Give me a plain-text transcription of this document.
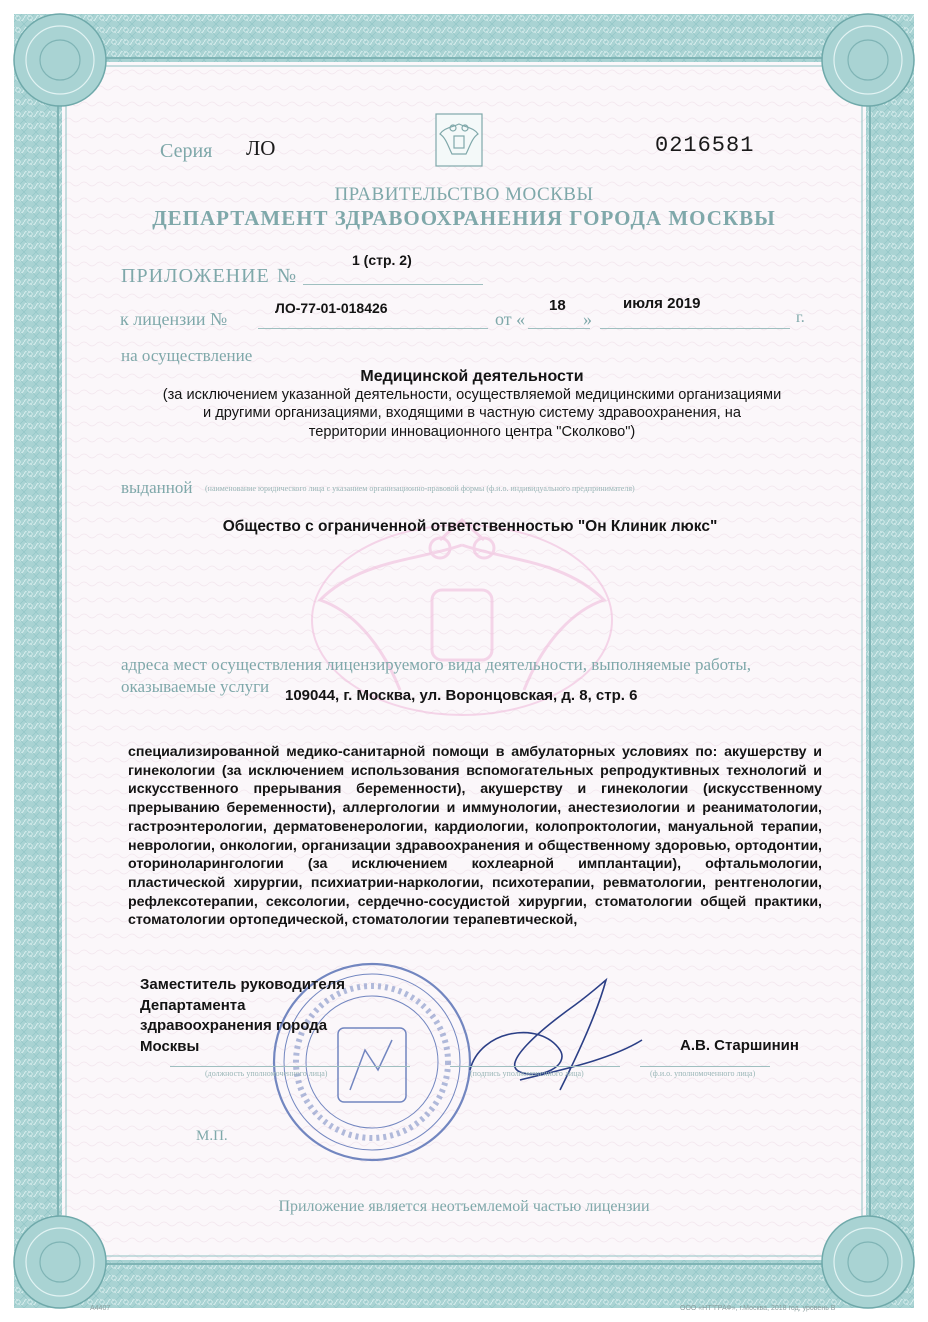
Серия ЛО	0216581
ПРАВИТЕЛЬСТВО МОСКВЫ
ДЕПАРТАМЕНТ ЗДРАВООХРАНЕНИЯ ГОРОДА МОСКВЫ
ПРИЛОЖЕНИЕ №
1 (стр. 2)
к лицензии №
ЛО-77-01-018426
от «
18
»
июля 2019
г.
на осуществление
Медицинской деятельности
(за исключением указанной деятельности, осуществляемой медицинскими организациями
и другими организациями, входящими в частную систему здравоохранения, на
территории инновационного центра "Сколково")
выданной (наименование юридического лица с указанием организационно-правовой формы (ф.и.о. индивидуального предпринимателя)
Общество с ограниченной ответственностью "Он Клиник люкс"
адреса мест осуществления лицензируемого вида деятельности, выполняемые работы,
оказываемые услуги 109044, г. Москва, ул. Воронцовская, д. 8, стр. 6
специализированной медико-санитарной помощи в амбулаторных условиях по: акушерству и гинекологии (за исключением использования вспомогательных репродуктивных технологий и искусственного прерывания беременности), акушерству и гинекологии (искусственному прерыванию беременности), аллергологии и иммунологии, анестезиологии и реаниматологии, гастроэнтерологии, дерматовенерологии, кардиологии, колопроктологии, мануальной терапии, неврологии, онкологии, организации здравоохранения и общественному здоровью, ортодонтии, оториноларингологии (за исключением кохлеарной имплантации), офтальмологии, пластической хирургии, психиатрии-наркологии, психотерапии, ревматологии, рентгенологии, рефлексотерапии, сексологии, сердечно-сосудистой хирургии, стоматологии общей практики, стоматологии ортопедической, стоматологии терапевтической,
Заместитель руководителя
Департамента
здравоохранения города
Москвы	А.В. Старшинин
(должность уполномоченного лица)	(подпись уполномоченного лица)	(ф.и.о. уполномоченного лица)
М.П.
Приложение является неотъемлемой частью лицензии
А4407	ООО «НТ"ГРАФ», г.Москва, 2018 год, уровень В
